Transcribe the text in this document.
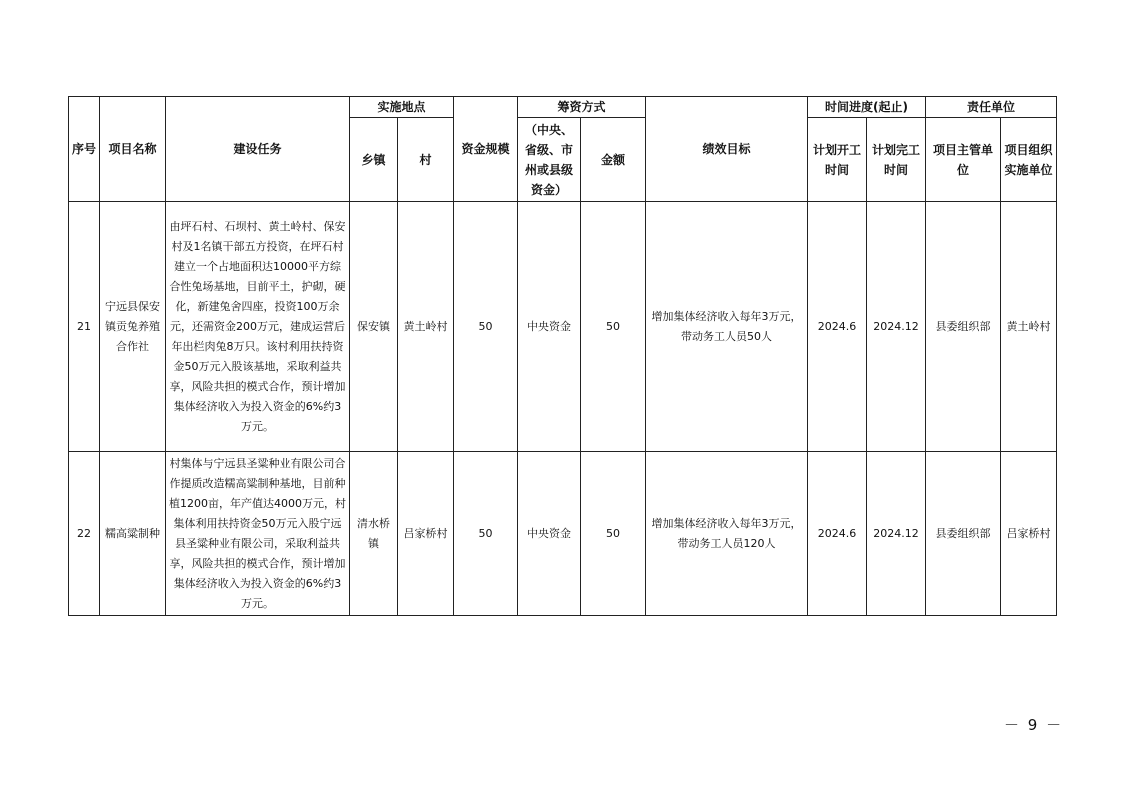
序号	项目名称	建设任务	实施地点		资金规模	筹资方式		绩效目标	时间进度(起止)		责任单位	
			乡镇	村		（中央、省级、市州或县级资金）	金额		计划开工时间	计划完工时间	项目主管单位	项目组织实施单位
21	宁远县保安镇贡兔养殖合作社	由坪石村、石坝村、黄土岭村、保安村及1名镇干部五方投资，在坪石村建立一个占地面积达10000平方综合性兔场基地，目前平土，护砌，硬化，新建兔舍四座，投资100万余元，还需资金200万元，建成运营后年出栏肉兔8万只。该村利用扶持资金50万元入股该基地，采取利益共享，风险共担的模式合作，预计增加集体经济收入为投入资金的6%约3万元。	保安镇	黄土岭村	50	中央资金	50	增加集体经济收入每年3万元，带动务工人员50人	2024.6	2024.12	县委组织部	黄土岭村
22	糯高粱制种	村集体与宁远县圣粱种业有限公司合作提质改造糯高粱制种基地，目前种植1200亩，年产值达4000万元，村集体利用扶持资金50万元入股宁远县圣粱种业有限公司，采取利益共享，风险共担的模式合作，预计增加集体经济收入为投入资金的6%约3万元。	清水桥镇	吕家桥村	50	中央资金	50	增加集体经济收入每年3万元，带动务工人员120人	2024.6	2024.12	县委组织部	吕家桥村
－ 9 －
